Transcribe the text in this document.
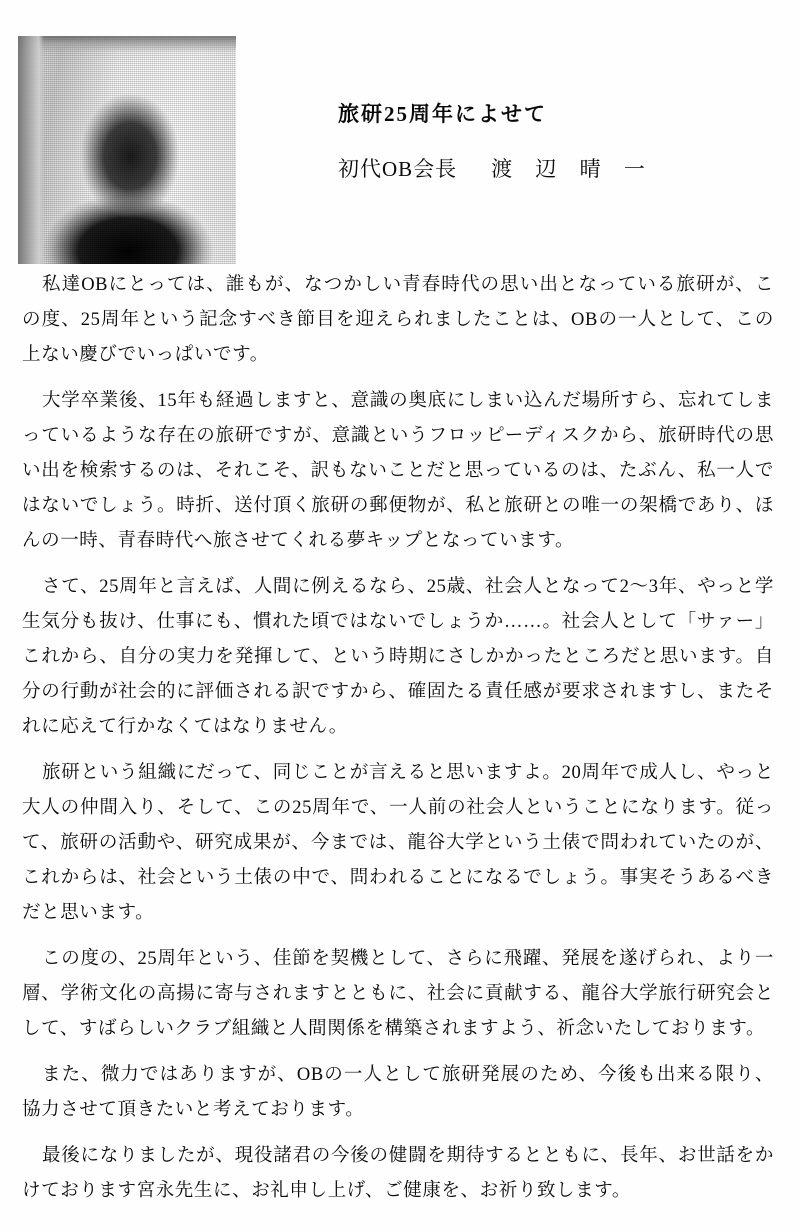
旅研25周年によせて

初代OB会長 渡 辺 晴 一

私達OBにとっては、誰もが、なつかしい青春時代の思い出となっている旅研が、この度、25周年という記念すべき節目を迎えられましたことは、OBの一人として、この上ない慶びでいっぱいです。

大学卒業後、15年も経過しますと、意識の奥底にしまい込んだ場所すら、忘れてしまっているような存在の旅研ですが、意識というフロッピーディスクから、旅研時代の思い出を検索するのは、それこそ、訳もないことだと思っているのは、たぶん、私一人ではないでしょう。時折、送付頂く旅研の郵便物が、私と旅研との唯一の架橋であり、ほんの一時、青春時代へ旅させてくれる夢キップとなっています。

さて、25周年と言えば、人間に例えるなら、25歳、社会人となって2～3年、やっと学生気分も抜け、仕事にも、慣れた頃ではないでしょうか……。社会人として「サァー」これから、自分の実力を発揮して、という時期にさしかかったところだと思います。自分の行動が社会的に評価される訳ですから、確固たる責任感が要求されますし、またそれに応えて行かなくてはなりません。

旅研という組織にだって、同じことが言えると思いますよ。20周年で成人し、やっと大人の仲間入り、そして、この25周年で、一人前の社会人ということになります。従って、旅研の活動や、研究成果が、今までは、龍谷大学という土俵で問われていたのが、これからは、社会という土俵の中で、問われることになるでしょう。事実そうあるべきだと思います。

この度の、25周年という、佳節を契機として、さらに飛躍、発展を遂げられ、より一層、学術文化の高揚に寄与されますとともに、社会に貢献する、龍谷大学旅行研究会として、すばらしいクラブ組織と人間関係を構築されますよう、祈念いたしております。

また、微力ではありますが、OBの一人として旅研発展のため、今後も出来る限り、協力させて頂きたいと考えております。

最後になりましたが、現役諸君の今後の健闘を期待するとともに、長年、お世話をかけております宮永先生に、お礼申し上げ、ご健康を、お祈り致します。
